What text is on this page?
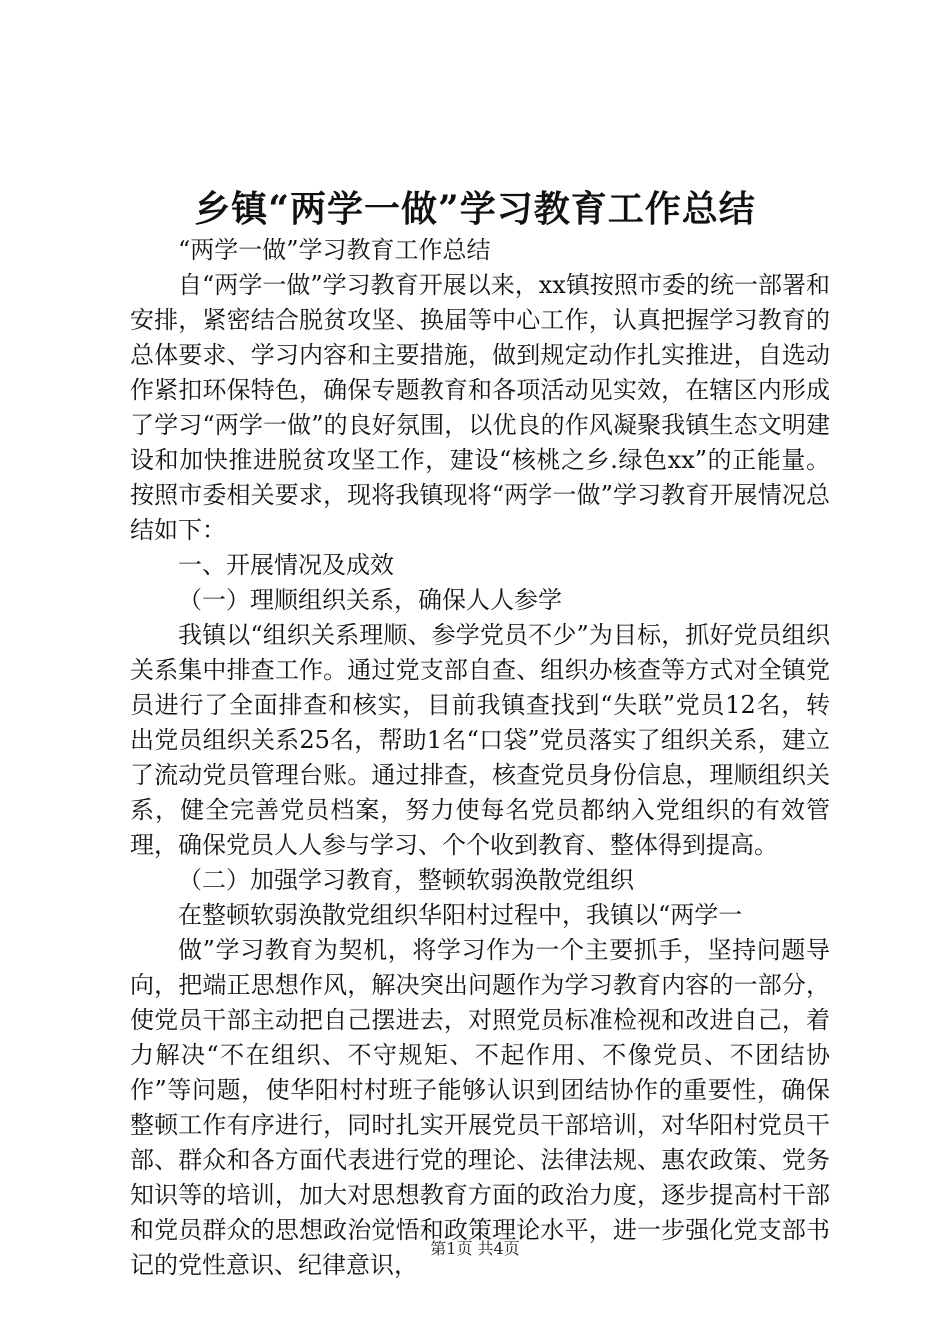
乡镇“两学一做”学习教育工作总结

“两学一做”学习教育工作总结

自“两学一做”学习教育开展以来，xx镇按照市委的统一部署和安排，紧密结合脱贫攻坚、换届等中心工作，认真把握学习教育的总体要求、学习内容和主要措施，做到规定动作扎实推进，自选动作紧扣环保特色，确保专题教育和各项活动见实效，在辖区内形成了学习“两学一做”的良好氛围，以优良的作风凝聚我镇生态文明建设和加快推进脱贫攻坚工作，建设“核桃之乡.绿色xx”的正能量。按照市委相关要求，现将我镇现将“两学一做”学习教育开展情况总结如下：

一、开展情况及成效

（一）理顺组织关系，确保人人参学

我镇以“组织关系理顺、参学党员不少”为目标，抓好党员组织关系集中排查工作。通过党支部自查、组织办核查等方式对全镇党员进行了全面排查和核实，目前我镇查找到“失联”党员12名，转出党员组织关系25名，帮助1名“口袋”党员落实了组织关系，建立了流动党员管理台账。通过排查，核查党员身份信息，理顺组织关系，健全完善党员档案，努力使每名党员都纳入党组织的有效管理，确保党员人人参与学习、个个收到教育、整体得到提高。

（二）加强学习教育，整顿软弱涣散党组织

在整顿软弱涣散党组织华阳村过程中，我镇以“两学一

做”学习教育为契机，将学习作为一个主要抓手，坚持问题导向，把端正思想作风，解决突出问题作为学习教育内容的一部分，使党员干部主动把自己摆进去，对照党员标准检视和改进自己，着力解决“不在组织、不守规矩、不起作用、不像党员、不团结协作”等问题，使华阳村村班子能够认识到团结协作的重要性，确保整顿工作有序进行，同时扎实开展党员干部培训，对华阳村党员干部、群众和各方面代表进行党的理论、法律法规、惠农政策、党务知识等的培训，加大对思想教育方面的政治力度，逐步提高村干部和党员群众的思想政治觉悟和政策理论水平，进一步强化党支部书记的党性意识、纪律意识，

第1页 共4页
